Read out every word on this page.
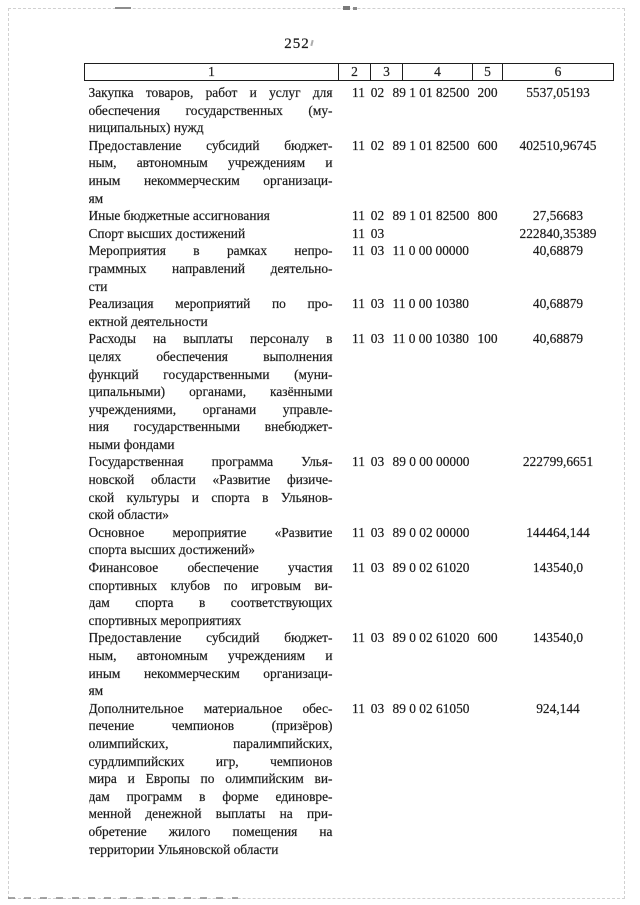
252
1	2	3	4	5	6

Закупка товаров, работ и услуг для
обеспечения государственных (му-
ниципальных) нужд	11	02	89 1 01 82500	200	5537,05193

Предоставление субсидий бюджет-
ным, автономным учреждениям и
иным некоммерческим организаци-
ям	11	02	89 1 01 82500	600	402510,96745

Иные бюджетные ассигнования	11	02	89 1 01 82500	800	27,56683

Спорт высших достижений	11	03			222840,35389

Мероприятия в рамках непро-
граммных направлений деятельно-
сти	11	03	11 0 00 00000		40,68879

Реализация мероприятий по про-
ектной деятельности	11	03	11 0 00 10380		40,68879

Расходы на выплаты персоналу в
целях обеспечения выполнения
функций государственными (муни-
ципальными) органами, казёнными
учреждениями, органами управле-
ния государственными внебюджет-
ными фондами
	11	03	11 0 00 10380	100	40,68879

Государственная программа Улья-
новской области «Развитие физиче-
ской культуры и спорта в Ульянов-
ской области»	11	03	89 0 00 00000		222799,6651

Основное мероприятие «Развитие
спорта высших достижений»	11	03	89 0 02 00000		144464,144

Финансовое обеспечение участия
спортивных клубов по игровым ви-
дам спорта в соответствующих
спортивных мероприятиях	11	03	89 0 02 61020		143540,0

Предоставление субсидий бюджет-
ным, автономным учреждениям и
иным некоммерческим организаци-
ям	11	03	89 0 02 61020	600	143540,0

Дополнительное материальное обес-
печение чемпионов (призёров)
олимпийских, паралимпийских,
сурдлимпийских игр, чемпионов
мира и Европы по олимпийским ви-
дам программ в форме единовре-
менной денежной выплаты на при-
обретение жилого помещения на
территории Ульяновской области
	11	03	89 0 02 61050		924,144
